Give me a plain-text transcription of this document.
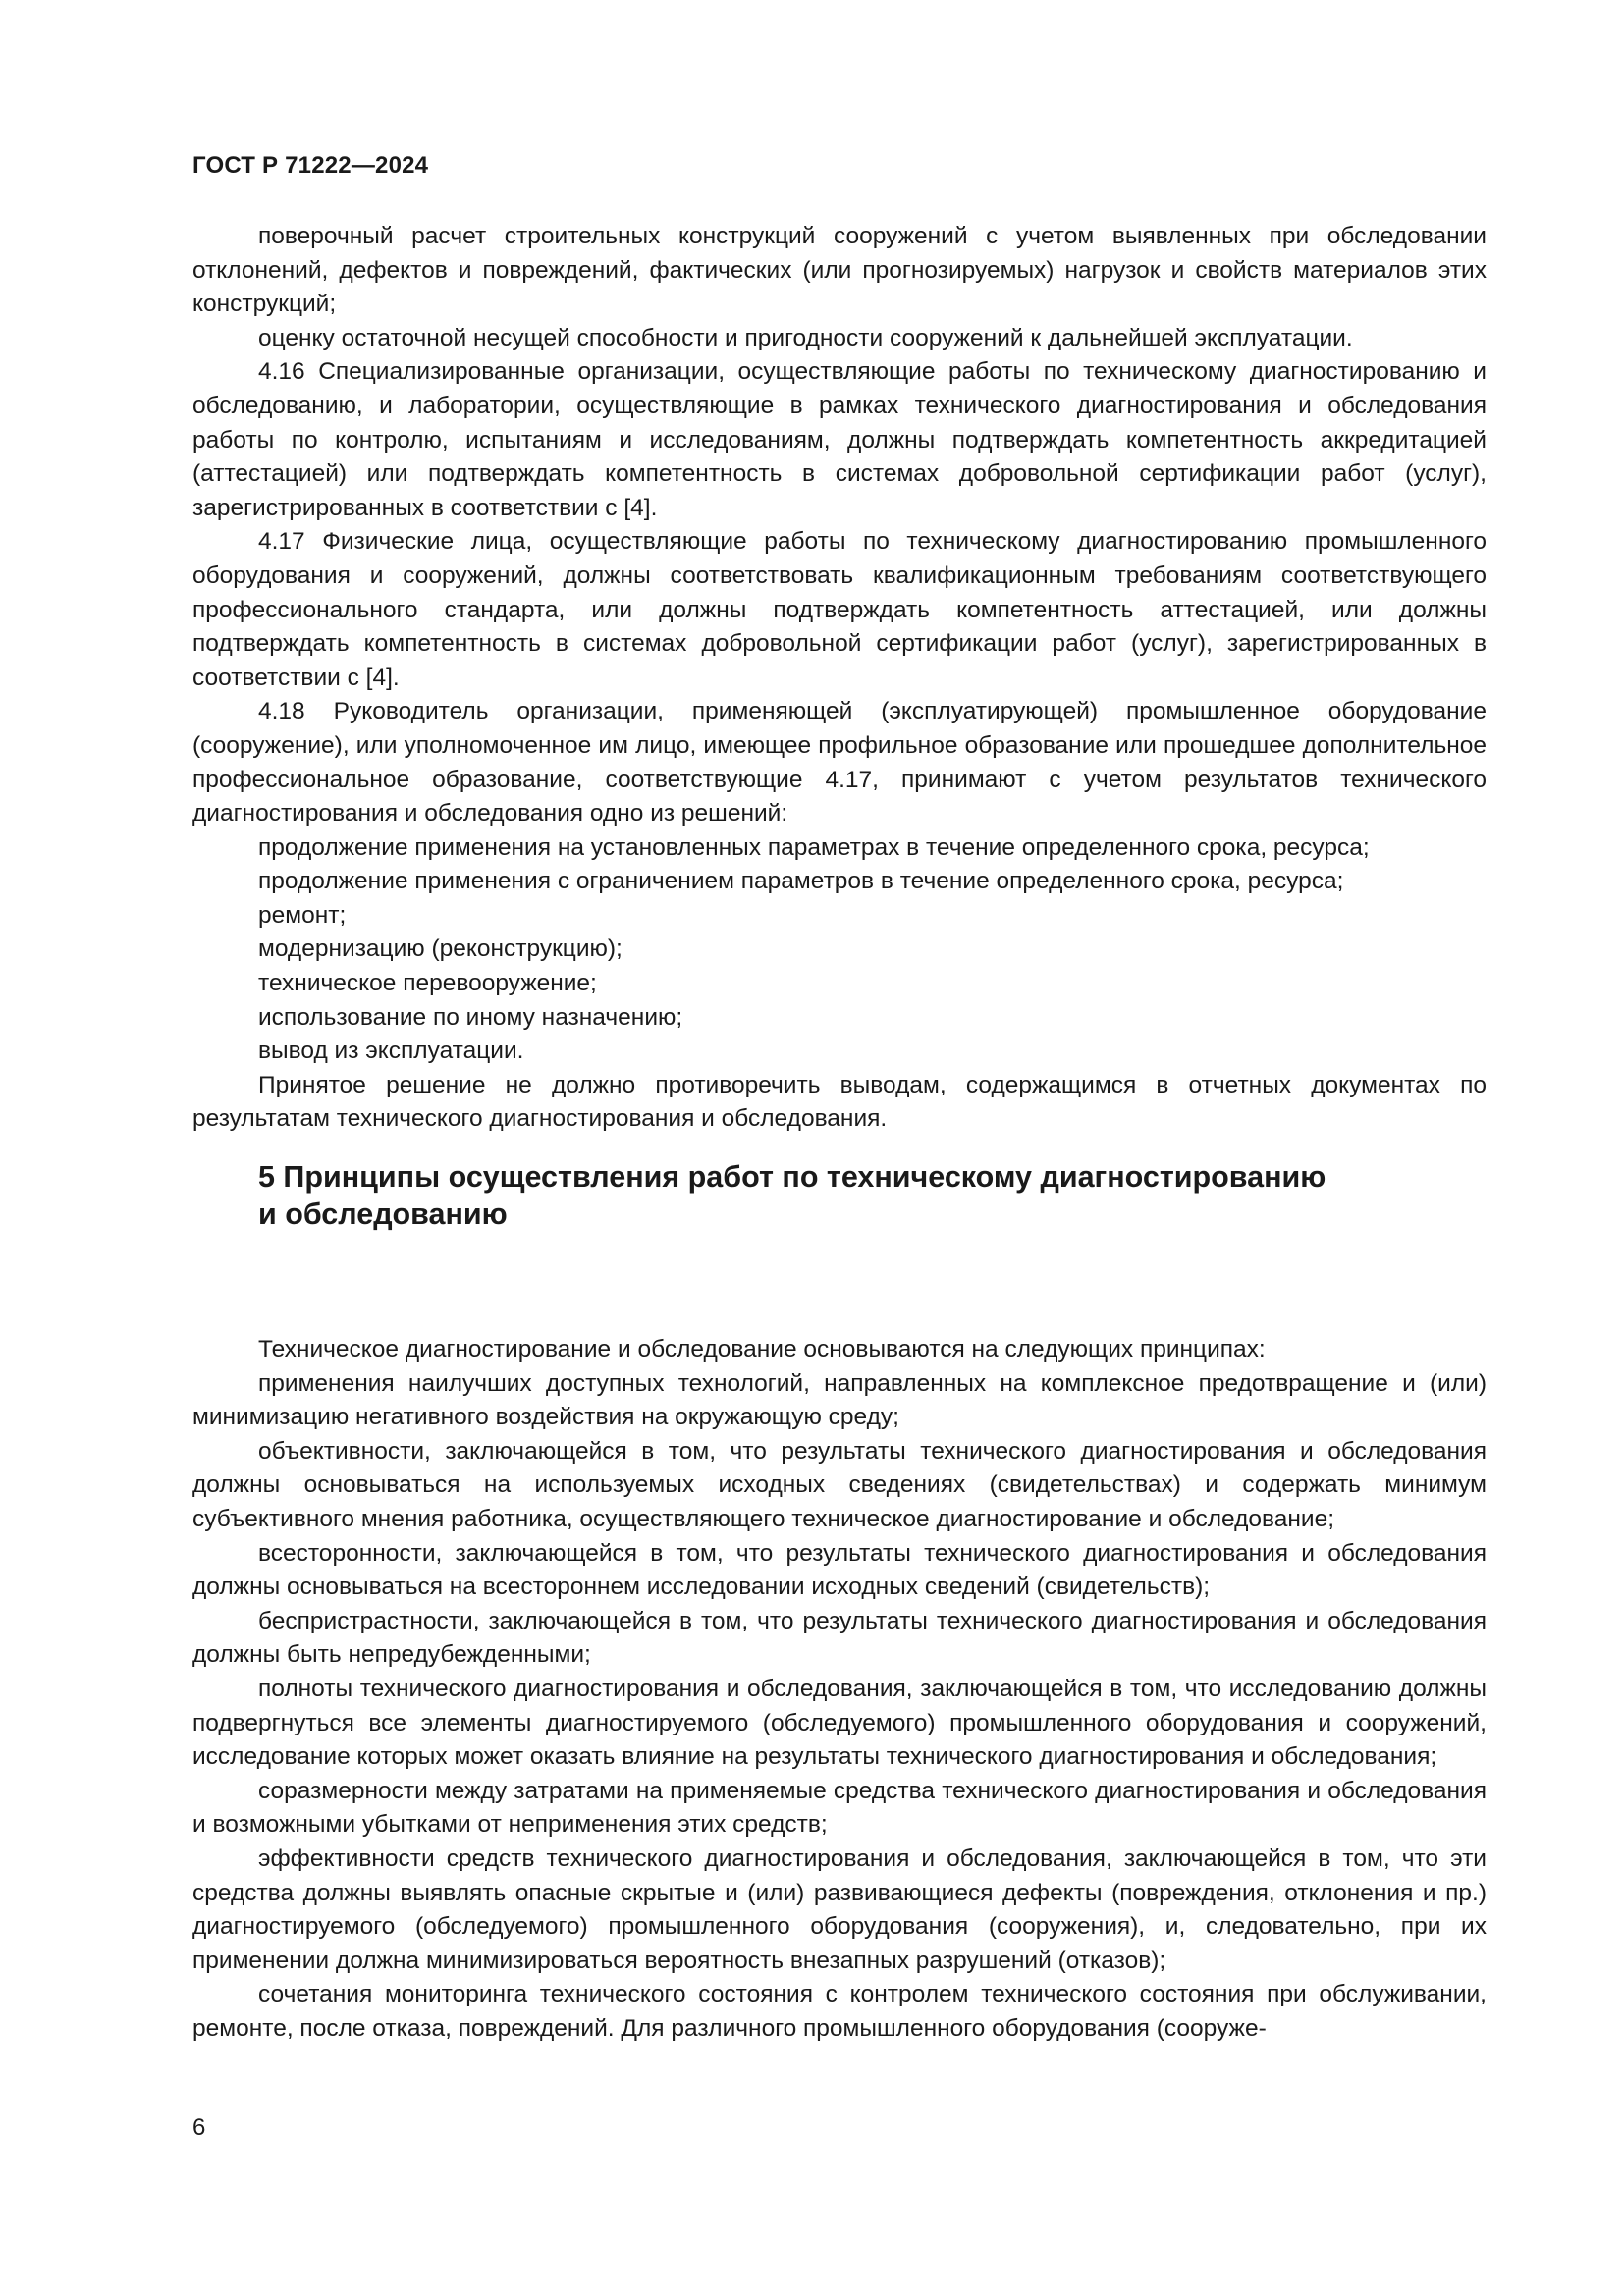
ГОСТ Р 71222—2024

поверочный расчет строительных конструкций сооружений с учетом выявленных при обследовании отклонений, дефектов и повреждений, фактических (или прогнозируемых) нагрузок и свойств материалов этих конструкций;

оценку остаточной несущей способности и пригодности сооружений к дальнейшей эксплуатации.

4.16 Специализированные организации, осуществляющие работы по техническому диагностированию и обследованию, и лаборатории, осуществляющие в рамках технического диагностирования и обследования работы по контролю, испытаниям и исследованиям, должны подтверждать компетентность аккредитацией (аттестацией) или подтверждать компетентность в системах добровольной сертификации работ (услуг), зарегистрированных в соответствии с [4].

4.17 Физические лица, осуществляющие работы по техническому диагностированию промышленного оборудования и сооружений, должны соответствовать квалификационным требованиям соответствующего профессионального стандарта, или должны подтверждать компетентность аттестацией, или должны подтверждать компетентность в системах добровольной сертификации работ (услуг), зарегистрированных в соответствии с [4].

4.18 Руководитель организации, применяющей (эксплуатирующей) промышленное оборудование (сооружение), или уполномоченное им лицо, имеющее профильное образование или прошедшее дополнительное профессиональное образование, соответствующие 4.17, принимают с учетом результатов технического диагностирования и обследования одно из решений:

продолжение применения на установленных параметрах в течение определенного срока, ресурса;

продолжение применения с ограничением параметров в течение определенного срока, ресурса;

ремонт;

модернизацию (реконструкцию);

техническое перевооружение;

использование по иному назначению;

вывод из эксплуатации.

Принятое решение не должно противоречить выводам, содержащимся в отчетных документах по результатам технического диагностирования и обследования.

5 Принципы осуществления работ по техническому диагностированию
и обследованию

Техническое диагностирование и обследование основываются на следующих принципах:

применения наилучших доступных технологий, направленных на комплексное предотвращение и (или) минимизацию негативного воздействия на окружающую среду;

объективности, заключающейся в том, что результаты технического диагностирования и обследования должны основываться на используемых исходных сведениях (свидетельствах) и содержать минимум субъективного мнения работника, осуществляющего техническое диагностирование и обследование;

всесторонности, заключающейся в том, что результаты технического диагностирования и обследования должны основываться на всестороннем исследовании исходных сведений (свидетельств);

беспристрастности, заключающейся в том, что результаты технического диагностирования и обследования должны быть непредубежденными;

полноты технического диагностирования и обследования, заключающейся в том, что исследованию должны подвергнуться все элементы диагностируемого (обследуемого) промышленного оборудования и сооружений, исследование которых может оказать влияние на результаты технического диагностирования и обследования;

соразмерности между затратами на применяемые средства технического диагностирования и обследования и возможными убытками от неприменения этих средств;

эффективности средств технического диагностирования и обследования, заключающейся в том, что эти средства должны выявлять опасные скрытые и (или) развивающиеся дефекты (повреждения, отклонения и пр.) диагностируемого (обследуемого) промышленного оборудования (сооружения), и, следовательно, при их применении должна минимизироваться вероятность внезапных разрушений (отказов);

сочетания мониторинга технического состояния с контролем технического состояния при обслуживании, ремонте, после отказа, повреждений. Для различного промышленного оборудования (сооруже-

6
